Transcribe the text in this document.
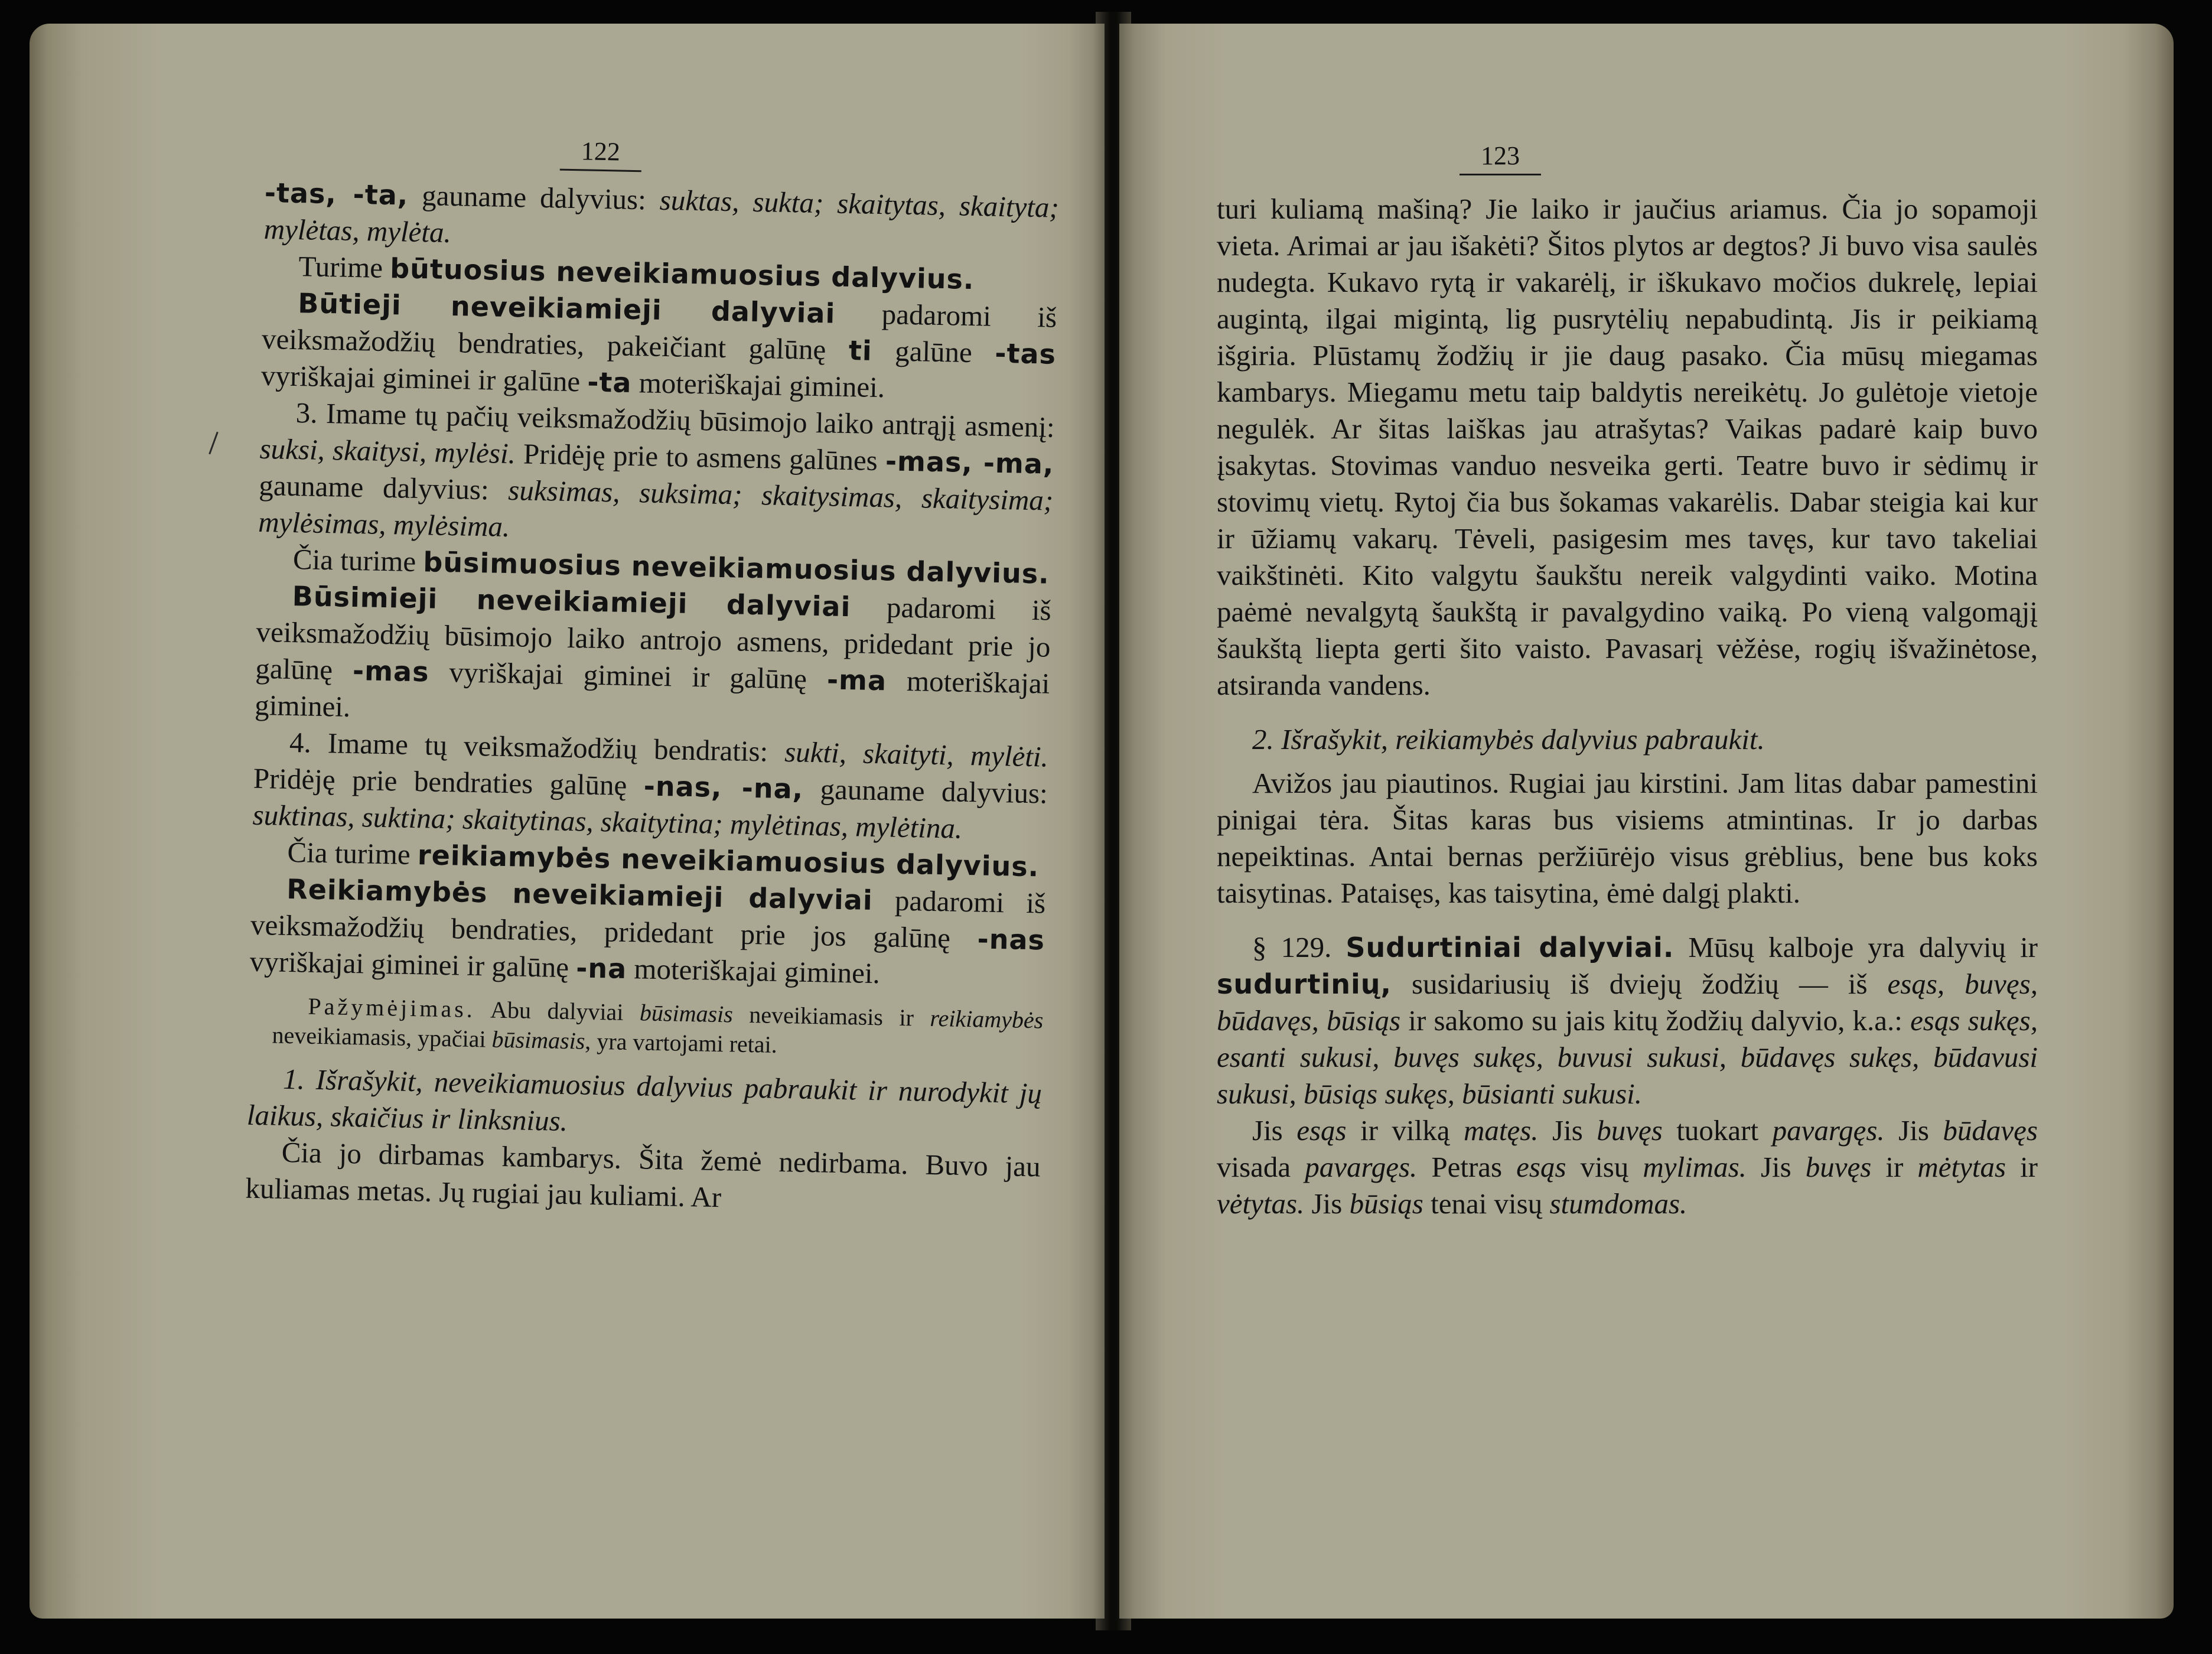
122

-tas, -ta, gauname dalyvius: suktas, sukta; skaitytas, skaityta; mylėtas, mylėta.

Turime būtuosius neveikiamuosius dalyvius.

Būtieji neveikiamieji dalyviai padaromi iš veiksmažodžių bendraties, pakeičiant galūnę ti galūne -tas vyriškajai giminei ir galūne -ta moteriškajai giminei.

3. Imame tų pačių veiksmažodžių būsimojo laiko antrąjį asmenį: suksi, skaitysi, mylėsi. Pridėję prie to asmens galūnes -mas, -ma, gauname dalyvius: suksimas, suksima; skaitysimas, skaitysima; mylėsimas, mylėsima.

Čia turime būsimuosius neveikiamuosius dalyvius.

Būsimieji neveikiamieji dalyviai padaromi iš veiksmažodžių būsimojo laiko antrojo asmens, pridedant prie jo galūnę -mas vyriškajai giminei ir galūnę -ma moteriškajai giminei.

4. Imame tų veiksmažodžių bendratis: sukti, skaityti, mylėti. Pridėję prie bendraties galūnę -nas, -na, gauname dalyvius: suktinas, suktina; skaitytinas, skaitytina; mylėtinas, mylėtina.

Čia turime reikiamybės neveikiamuosius dalyvius.

Reikiamybės neveikiamieji dalyviai padaromi iš veiksmažodžių bendraties, pridedant prie jos galūnę -nas vyriškajai giminei ir galūnę -na moteriškajai giminei.

Pažymėjimas. Abu dalyviai būsimasis neveikiamasis ir reikiamybės neveikiamasis, ypačiai būsimasis, yra vartojami retai.

1. Išrašykit, neveikiamuosius dalyvius pabraukit ir nurodykit jų laikus, skaičius ir linksnius.

Čia jo dirbamas kambarys. Šita žemė nedirbama. Buvo jau kuliamas metas. Jų rugiai jau kuliami. Ar

123

turi kuliamą mašiną? Jie laiko ir jaučius ariamus. Čia jo sopamoji vieta. Arimai ar jau išakėti? Šitos plytos ar degtos? Ji buvo visa saulės nudegta. Kukavo rytą ir vakarėlį, ir iškukavo močios dukrelę, lepiai augintą, ilgai migintą, lig pusrytėlių nepabudintą. Jis ir peikiamą išgiria. Plūstamų žodžių ir jie daug pasako. Čia mūsų miegamas kambarys. Miegamu metu taip baldytis nereikėtų. Jo gulėtoje vietoje negulėk. Ar šitas laiškas jau atrašytas? Vaikas padarė kaip buvo įsakytas. Stovimas vanduo nesveika gerti. Teatre buvo ir sėdimų ir stovimų vietų. Rytoj čia bus šokamas vakarėlis. Dabar steigia kai kur ir ūžiamų vakarų. Tėveli, pasigesim mes tavęs, kur tavo takeliai vaikštinėti. Kito valgytu šaukštu nereik valgydinti vaiko. Motina paėmė nevalgytą šaukštą ir pavalgydino vaiką. Po vieną valgomąjį šaukštą liepta gerti šito vaisto. Pavasarį vėžėse, rogių išvažinėtose, atsiranda vandens.

2. Išrašykit, reikiamybės dalyvius pabraukit.

Avižos jau piautinos. Rugiai jau kirstini. Jam litas dabar pamestini pinigai tėra. Šitas karas bus visiems atmintinas. Ir jo darbas nepeiktinas. Antai bernas peržiūrėjo visus grėblius, bene bus koks taisytinas. Pataisęs, kas taisytina, ėmė dalgį plakti.

§ 129. Sudurtiniai dalyviai. Mūsų kalboje yra dalyvių ir sudurtinių, susidariusių iš dviejų žodžių — iš esąs, buvęs, būdavęs, būsiąs ir sakomo su jais kitų žodžių dalyvio, k.a.: esąs sukęs, esanti sukusi, buvęs sukęs, buvusi sukusi, būdavęs sukęs, būdavusi sukusi, būsiąs sukęs, būsianti sukusi.

Jis esąs ir vilką matęs. Jis buvęs tuokart pavargęs. Jis būdavęs visada pavargęs. Petras esąs visų mylimas. Jis buvęs ir mėtytas ir vėtytas. Jis būsiąs tenai visų stumdomas.
